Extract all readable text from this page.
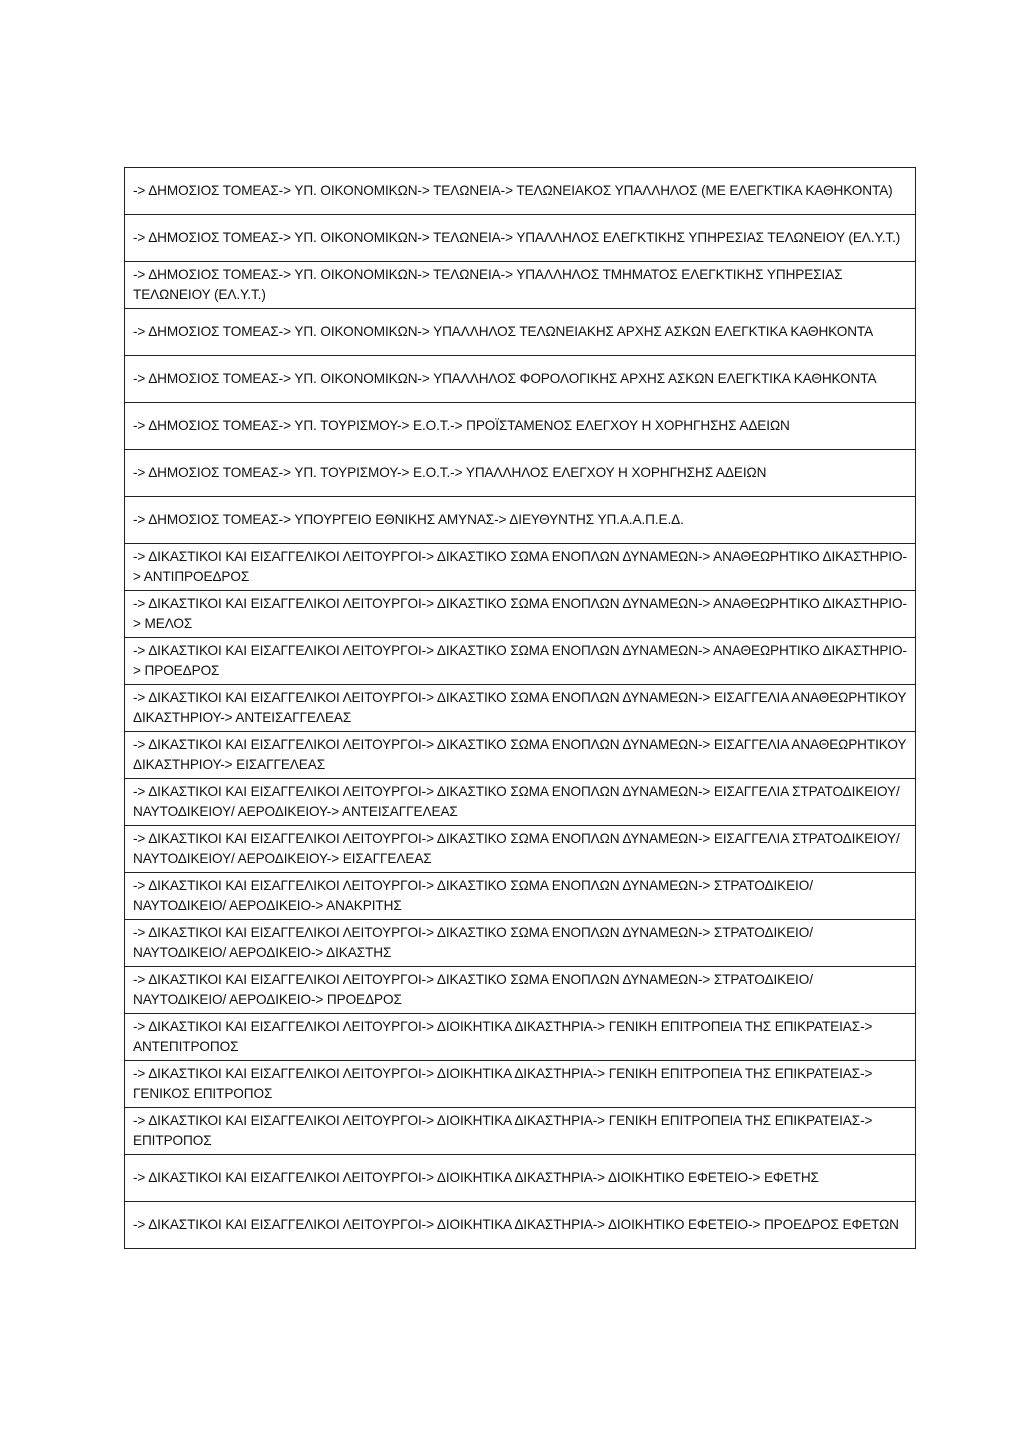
-> ΔΗΜΟΣΙΟΣ ΤΟΜΕΑΣ-> ΥΠ. ΟΙΚΟΝΟΜΙΚΩΝ-> ΤΕΛΩΝΕΙΑ-> ΤΕΛΩΝΕΙΑΚΟΣ ΥΠΑΛΛΗΛΟΣ (ΜΕ ΕΛΕΓΚΤΙΚΑ ΚΑΘΗΚΟΝΤΑ)
-> ΔΗΜΟΣΙΟΣ ΤΟΜΕΑΣ-> ΥΠ. ΟΙΚΟΝΟΜΙΚΩΝ-> ΤΕΛΩΝΕΙΑ-> ΥΠΑΛΛΗΛΟΣ ΕΛΕΓΚΤΙΚΗΣ ΥΠΗΡΕΣΙΑΣ ΤΕΛΩΝΕΙΟΥ (ΕΛ.Υ.Τ.)
-> ΔΗΜΟΣΙΟΣ ΤΟΜΕΑΣ-> ΥΠ. ΟΙΚΟΝΟΜΙΚΩΝ-> ΤΕΛΩΝΕΙΑ-> ΥΠΑΛΛΗΛΟΣ ΤΜΗΜΑΤΟΣ ΕΛΕΓΚΤΙΚΗΣ ΥΠΗΡΕΣΙΑΣ ΤΕΛΩΝΕΙΟΥ (ΕΛ.Υ.Τ.)
-> ΔΗΜΟΣΙΟΣ ΤΟΜΕΑΣ-> ΥΠ. ΟΙΚΟΝΟΜΙΚΩΝ-> ΥΠΑΛΛΗΛΟΣ ΤΕΛΩΝΕΙΑΚΗΣ ΑΡΧΗΣ ΑΣΚΩΝ ΕΛΕΓΚΤΙΚΑ ΚΑΘΗΚΟΝΤΑ
-> ΔΗΜΟΣΙΟΣ ΤΟΜΕΑΣ-> ΥΠ. ΟΙΚΟΝΟΜΙΚΩΝ-> ΥΠΑΛΛΗΛΟΣ ΦΟΡΟΛΟΓΙΚΗΣ ΑΡΧΗΣ ΑΣΚΩΝ ΕΛΕΓΚΤΙΚΑ ΚΑΘΗΚΟΝΤΑ
-> ΔΗΜΟΣΙΟΣ ΤΟΜΕΑΣ-> ΥΠ. ΤΟΥΡΙΣΜΟΥ-> Ε.Ο.Τ.-> ΠΡΟΪΣΤΑΜΕΝΟΣ ΕΛΕΓΧΟΥ Η ΧΟΡΗΓΗΣΗΣ ΑΔΕΙΩΝ
-> ΔΗΜΟΣΙΟΣ ΤΟΜΕΑΣ-> ΥΠ. ΤΟΥΡΙΣΜΟΥ-> Ε.Ο.Τ.-> ΥΠΑΛΛΗΛΟΣ ΕΛΕΓΧΟΥ Η ΧΟΡΗΓΗΣΗΣ ΑΔΕΙΩΝ
-> ΔΗΜΟΣΙΟΣ ΤΟΜΕΑΣ-> ΥΠΟΥΡΓΕΙΟ ΕΘΝΙΚΗΣ ΑΜΥΝΑΣ-> ΔΙΕΥΘΥΝΤΗΣ ΥΠ.Α.Α.Π.Ε.Δ.
-> ΔΙΚΑΣΤΙΚΟΙ ΚΑΙ ΕΙΣΑΓΓΕΛΙΚΟΙ ΛΕΙΤΟΥΡΓΟΙ-> ΔΙΚΑΣΤΙΚΟ ΣΩΜΑ ΕΝΟΠΛΩΝ ΔΥΝΑΜΕΩΝ-> ΑΝΑΘΕΩΡΗΤΙΚΟ ΔΙΚΑΣΤΗΡΙΟ-> ΑΝΤΙΠΡΟΕΔΡΟΣ
-> ΔΙΚΑΣΤΙΚΟΙ ΚΑΙ ΕΙΣΑΓΓΕΛΙΚΟΙ ΛΕΙΤΟΥΡΓΟΙ-> ΔΙΚΑΣΤΙΚΟ ΣΩΜΑ ΕΝΟΠΛΩΝ ΔΥΝΑΜΕΩΝ-> ΑΝΑΘΕΩΡΗΤΙΚΟ ΔΙΚΑΣΤΗΡΙΟ-> ΜΕΛΟΣ
-> ΔΙΚΑΣΤΙΚΟΙ ΚΑΙ ΕΙΣΑΓΓΕΛΙΚΟΙ ΛΕΙΤΟΥΡΓΟΙ-> ΔΙΚΑΣΤΙΚΟ ΣΩΜΑ ΕΝΟΠΛΩΝ ΔΥΝΑΜΕΩΝ-> ΑΝΑΘΕΩΡΗΤΙΚΟ ΔΙΚΑΣΤΗΡΙΟ-> ΠΡΟΕΔΡΟΣ
-> ΔΙΚΑΣΤΙΚΟΙ ΚΑΙ ΕΙΣΑΓΓΕΛΙΚΟΙ ΛΕΙΤΟΥΡΓΟΙ-> ΔΙΚΑΣΤΙΚΟ ΣΩΜΑ ΕΝΟΠΛΩΝ ΔΥΝΑΜΕΩΝ-> ΕΙΣΑΓΓΕΛΙΑ ΑΝΑΘΕΩΡΗΤΙΚΟΥ ΔΙΚΑΣΤΗΡΙΟΥ-> ΑΝΤΕΙΣΑΓΓΕΛΕΑΣ
-> ΔΙΚΑΣΤΙΚΟΙ ΚΑΙ ΕΙΣΑΓΓΕΛΙΚΟΙ ΛΕΙΤΟΥΡΓΟΙ-> ΔΙΚΑΣΤΙΚΟ ΣΩΜΑ ΕΝΟΠΛΩΝ ΔΥΝΑΜΕΩΝ-> ΕΙΣΑΓΓΕΛΙΑ ΑΝΑΘΕΩΡΗΤΙΚΟΥ ΔΙΚΑΣΤΗΡΙΟΥ-> ΕΙΣΑΓΓΕΛΕΑΣ
-> ΔΙΚΑΣΤΙΚΟΙ ΚΑΙ ΕΙΣΑΓΓΕΛΙΚΟΙ ΛΕΙΤΟΥΡΓΟΙ-> ΔΙΚΑΣΤΙΚΟ ΣΩΜΑ ΕΝΟΠΛΩΝ ΔΥΝΑΜΕΩΝ-> ΕΙΣΑΓΓΕΛΙΑ ΣΤΡΑΤΟΔΙΚΕΙΟΥ/ ΝΑΥΤΟΔΙΚΕΙΟΥ/ ΑΕΡΟΔΙΚΕΙΟΥ-> ΑΝΤΕΙΣΑΓΓΕΛΕΑΣ
-> ΔΙΚΑΣΤΙΚΟΙ ΚΑΙ ΕΙΣΑΓΓΕΛΙΚΟΙ ΛΕΙΤΟΥΡΓΟΙ-> ΔΙΚΑΣΤΙΚΟ ΣΩΜΑ ΕΝΟΠΛΩΝ ΔΥΝΑΜΕΩΝ-> ΕΙΣΑΓΓΕΛΙΑ ΣΤΡΑΤΟΔΙΚΕΙΟΥ/ ΝΑΥΤΟΔΙΚΕΙΟΥ/ ΑΕΡΟΔΙΚΕΙΟΥ-> ΕΙΣΑΓΓΕΛΕΑΣ
-> ΔΙΚΑΣΤΙΚΟΙ ΚΑΙ ΕΙΣΑΓΓΕΛΙΚΟΙ ΛΕΙΤΟΥΡΓΟΙ-> ΔΙΚΑΣΤΙΚΟ ΣΩΜΑ ΕΝΟΠΛΩΝ ΔΥΝΑΜΕΩΝ-> ΣΤΡΑΤΟΔΙΚΕΙΟ/ ΝΑΥΤΟΔΙΚΕΙΟ/ ΑΕΡΟΔΙΚΕΙΟ-> ΑΝΑΚΡΙΤΗΣ
-> ΔΙΚΑΣΤΙΚΟΙ ΚΑΙ ΕΙΣΑΓΓΕΛΙΚΟΙ ΛΕΙΤΟΥΡΓΟΙ-> ΔΙΚΑΣΤΙΚΟ ΣΩΜΑ ΕΝΟΠΛΩΝ ΔΥΝΑΜΕΩΝ-> ΣΤΡΑΤΟΔΙΚΕΙΟ/ ΝΑΥΤΟΔΙΚΕΙΟ/ ΑΕΡΟΔΙΚΕΙΟ-> ΔΙΚΑΣΤΗΣ
-> ΔΙΚΑΣΤΙΚΟΙ ΚΑΙ ΕΙΣΑΓΓΕΛΙΚΟΙ ΛΕΙΤΟΥΡΓΟΙ-> ΔΙΚΑΣΤΙΚΟ ΣΩΜΑ ΕΝΟΠΛΩΝ ΔΥΝΑΜΕΩΝ-> ΣΤΡΑΤΟΔΙΚΕΙΟ/ ΝΑΥΤΟΔΙΚΕΙΟ/ ΑΕΡΟΔΙΚΕΙΟ-> ΠΡΟΕΔΡΟΣ
-> ΔΙΚΑΣΤΙΚΟΙ ΚΑΙ ΕΙΣΑΓΓΕΛΙΚΟΙ ΛΕΙΤΟΥΡΓΟΙ-> ΔΙΟΙΚΗΤΙΚΑ ΔΙΚΑΣΤΗΡΙΑ-> ΓΕΝΙΚΗ ΕΠΙΤΡΟΠΕΙΑ ΤΗΣ ΕΠΙΚΡΑΤΕΙΑΣ-> ΑΝΤΕΠΙΤΡΟΠΟΣ
-> ΔΙΚΑΣΤΙΚΟΙ ΚΑΙ ΕΙΣΑΓΓΕΛΙΚΟΙ ΛΕΙΤΟΥΡΓΟΙ-> ΔΙΟΙΚΗΤΙΚΑ ΔΙΚΑΣΤΗΡΙΑ-> ΓΕΝΙΚΗ ΕΠΙΤΡΟΠΕΙΑ ΤΗΣ ΕΠΙΚΡΑΤΕΙΑΣ-> ΓΕΝΙΚΟΣ ΕΠΙΤΡΟΠΟΣ
-> ΔΙΚΑΣΤΙΚΟΙ ΚΑΙ ΕΙΣΑΓΓΕΛΙΚΟΙ ΛΕΙΤΟΥΡΓΟΙ-> ΔΙΟΙΚΗΤΙΚΑ ΔΙΚΑΣΤΗΡΙΑ-> ΓΕΝΙΚΗ ΕΠΙΤΡΟΠΕΙΑ ΤΗΣ ΕΠΙΚΡΑΤΕΙΑΣ-> ΕΠΙΤΡΟΠΟΣ
-> ΔΙΚΑΣΤΙΚΟΙ ΚΑΙ ΕΙΣΑΓΓΕΛΙΚΟΙ ΛΕΙΤΟΥΡΓΟΙ-> ΔΙΟΙΚΗΤΙΚΑ ΔΙΚΑΣΤΗΡΙΑ-> ΔΙΟΙΚΗΤΙΚΟ ΕΦΕΤΕΙΟ-> ΕΦΕΤΗΣ
-> ΔΙΚΑΣΤΙΚΟΙ ΚΑΙ ΕΙΣΑΓΓΕΛΙΚΟΙ ΛΕΙΤΟΥΡΓΟΙ-> ΔΙΟΙΚΗΤΙΚΑ ΔΙΚΑΣΤΗΡΙΑ-> ΔΙΟΙΚΗΤΙΚΟ ΕΦΕΤΕΙΟ-> ΠΡΟΕΔΡΟΣ ΕΦΕΤΩΝ
